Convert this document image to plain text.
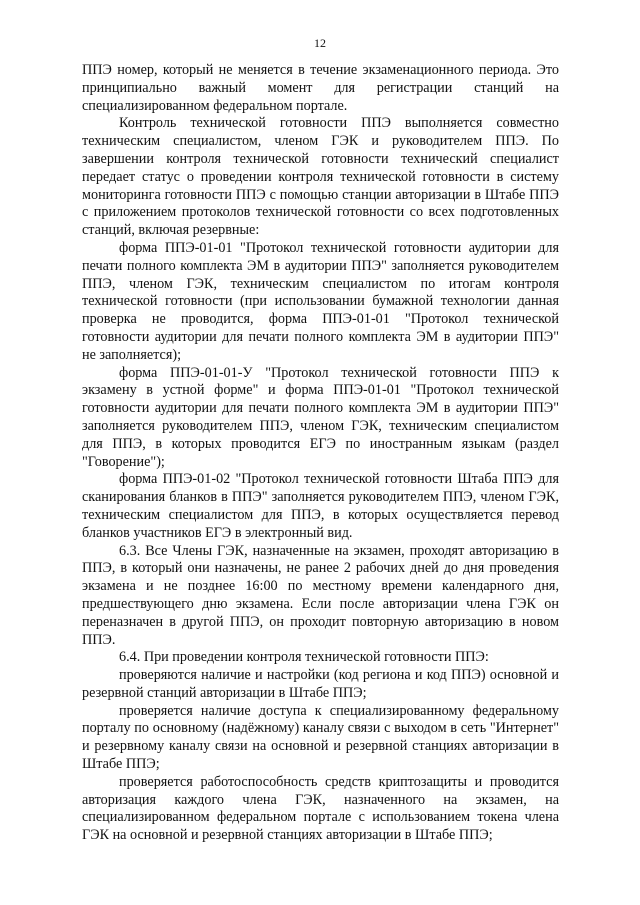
12

ППЭ номер, который не меняется в течение экзаменационного периода. Это принципиально важный момент для регистрации станций на специализированном федеральном портале.

Контроль технической готовности ППЭ выполняется совместно техническим специалистом, членом ГЭК и руководителем ППЭ. По завершении контроля технической готовности технический специалист передает статус о проведении контроля технической готовности в систему мониторинга готовности ППЭ с помощью станции авторизации в Штабе ППЭ с приложением протоколов технической готовности со всех подготовленных станций, включая резервные:

форма ППЭ-01-01 "Протокол технической готовности аудитории для печати полного комплекта ЭМ в аудитории ППЭ" заполняется руководителем ППЭ, членом ГЭК, техническим специалистом по итогам контроля технической готовности (при использовании бумажной технологии данная проверка не проводится, форма ППЭ-01-01 "Протокол технической готовности аудитории для печати полного комплекта ЭМ в аудитории ППЭ" не заполняется);

форма ППЭ-01-01-У "Протокол технической готовности ППЭ к экзамену в устной форме" и форма ППЭ-01-01 "Протокол технической готовности аудитории для печати полного комплекта ЭМ в аудитории ППЭ" заполняется руководителем ППЭ, членом ГЭК, техническим специалистом для ППЭ, в которых проводится ЕГЭ по иностранным языкам (раздел "Говорение");

форма ППЭ-01-02 "Протокол технической готовности Штаба ППЭ для сканирования бланков в ППЭ" заполняется руководителем ППЭ, членом ГЭК, техническим специалистом для ППЭ, в которых осуществляется перевод бланков участников ЕГЭ в электронный вид.

6.3. Все Члены ГЭК, назначенные на экзамен, проходят авторизацию в ППЭ, в который они назначены, не ранее 2 рабочих дней до дня проведения экзамена и не позднее 16:00 по местному времени календарного дня, предшествующего дню экзамена. Если после авторизации члена ГЭК он переназначен в другой ППЭ, он проходит повторную авторизацию в новом ППЭ.

6.4. При проведении контроля технической готовности ППЭ:

проверяются наличие и настройки (код региона и код ППЭ) основной и резервной станций авторизации в Штабе ППЭ;

проверяется наличие доступа к специализированному федеральному порталу по основному (надёжному) каналу связи с выходом в сеть "Интернет" и резервному каналу связи на основной и резервной станциях авторизации в Штабе ППЭ;

проверяется работоспособность средств криптозащиты и проводится авторизация каждого члена ГЭК, назначенного на экзамен, на специализированном федеральном портале с использованием токена члена ГЭК на основной и резервной станциях авторизации в Штабе ППЭ;
